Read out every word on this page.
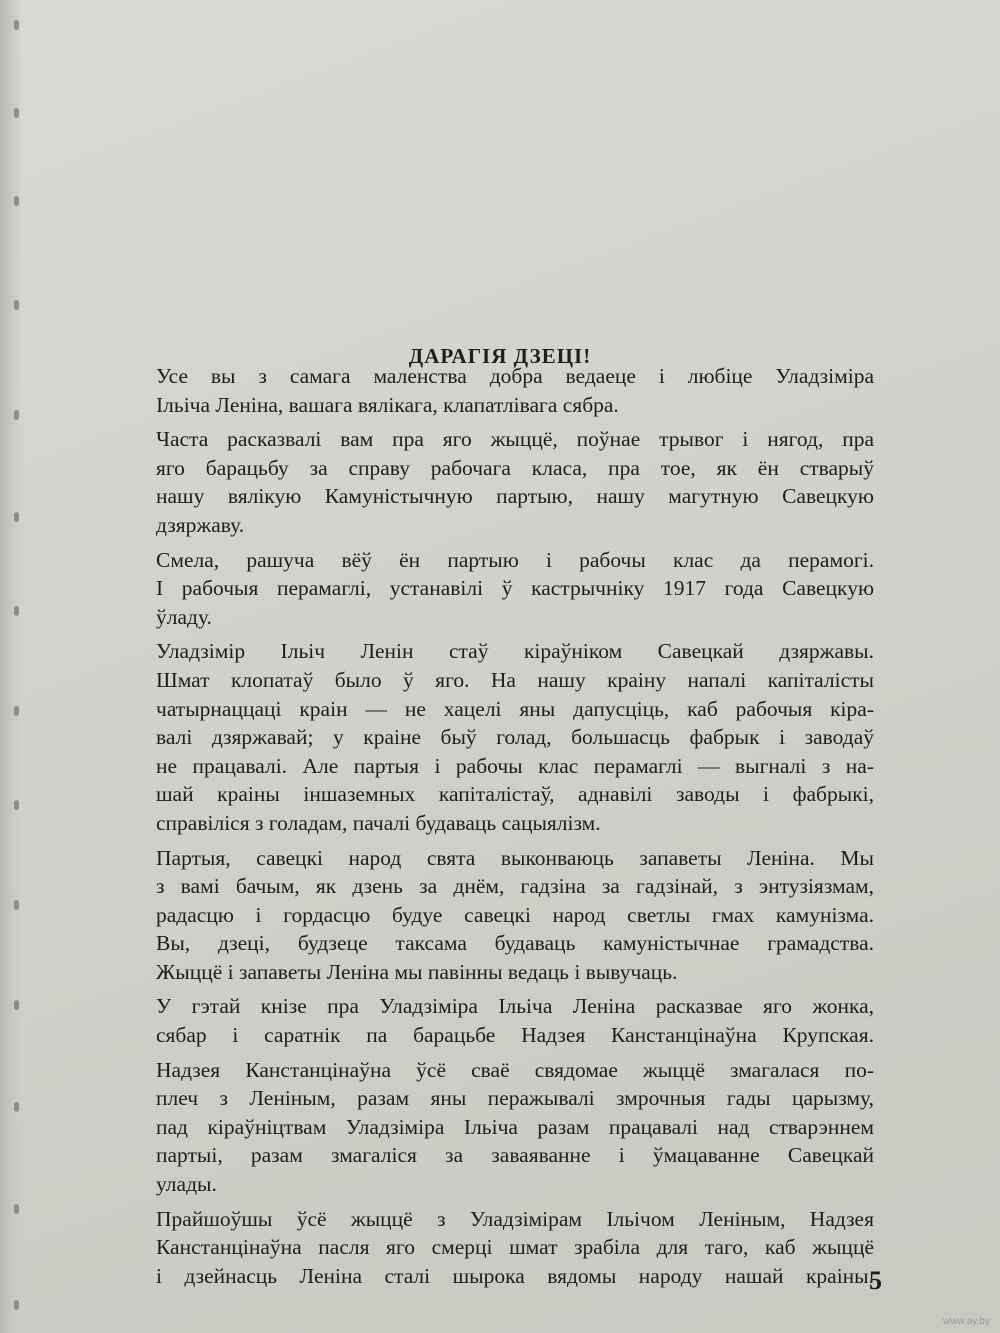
ДАРАГІЯ ДЗЕЦІ!

Усе вы з самага маленства добра ведаеце і любіце Уладзіміра
Ільіча Леніна, вашага вялікага, клапатлівага сябра.

Часта расказвалі вам пра яго жыццё, поўнае трывог і нягод, пра
яго барацьбу за справу рабочага класа, пра тое, як ён стварыў
нашу вялікую Камуністычную партыю, нашу магутную Савецкую
дзяржаву.

Смела, рашуча вёў ён партыю і рабочы клас да перамогі.
І рабочыя перамаглі, устанавілі ў кастрычніку 1917 года Савецкую
ўладу.

Уладзімір Ільіч Ленін стаў кіраўніком Савецкай дзяржавы.
Шмат клопатаў было ў яго. На нашу краіну напалі капіталісты
чатырнаццаці краін — не хацелі яны дапусціць, каб рабочыя кіра-
валі дзяржавай; у краіне быў голад, большасць фабрык і заводаў
не працавалі. Але партыя і рабочы клас перамаглі — выгналі з на-
шай краіны іншаземных капіталістаў, аднавілі заводы і фабрыкі,
справіліся з голадам, пачалі будаваць сацыялізм.

Партыя, савецкі народ свята выконваюць запаветы Леніна. Мы
з вамі бачым, як дзень за днём, гадзіна за гадзінай, з энтузіязмам,
радасцю і гордасцю будуе савецкі народ светлы гмах камунізма.
Вы, дзеці, будзеце таксама будаваць камуністычнае грамадства.
Жыццё і запаветы Леніна мы павінны ведаць і вывучаць.

У гэтай кнізе пра Уладзіміра Ільіча Леніна расказвае яго жонка,
сябар і саратнік па барацьбе Надзея Канстанцінаўна Крупская.

Надзея Канстанцінаўна ўсё сваё свядомае жыццё змагалася по-
плеч з Леніным, разам яны перажывалі змрочныя гады царызму,
пад кіраўніцтвам Уладзіміра Ільіча разам працавалі над стварэннем
партыі, разам змагаліся за заваяванне і ўмацаванне Савецкай
улады.

Прайшоўшы ўсё жыццё з Уладзімірам Ільічом Леніным, Надзея
Канстанцінаўна пасля яго смерці шмат зрабіла для таго, каб жыццё
і дзейнасць Леніна сталі шырока вядомы народу нашай краіны.

5
www.ay.by
